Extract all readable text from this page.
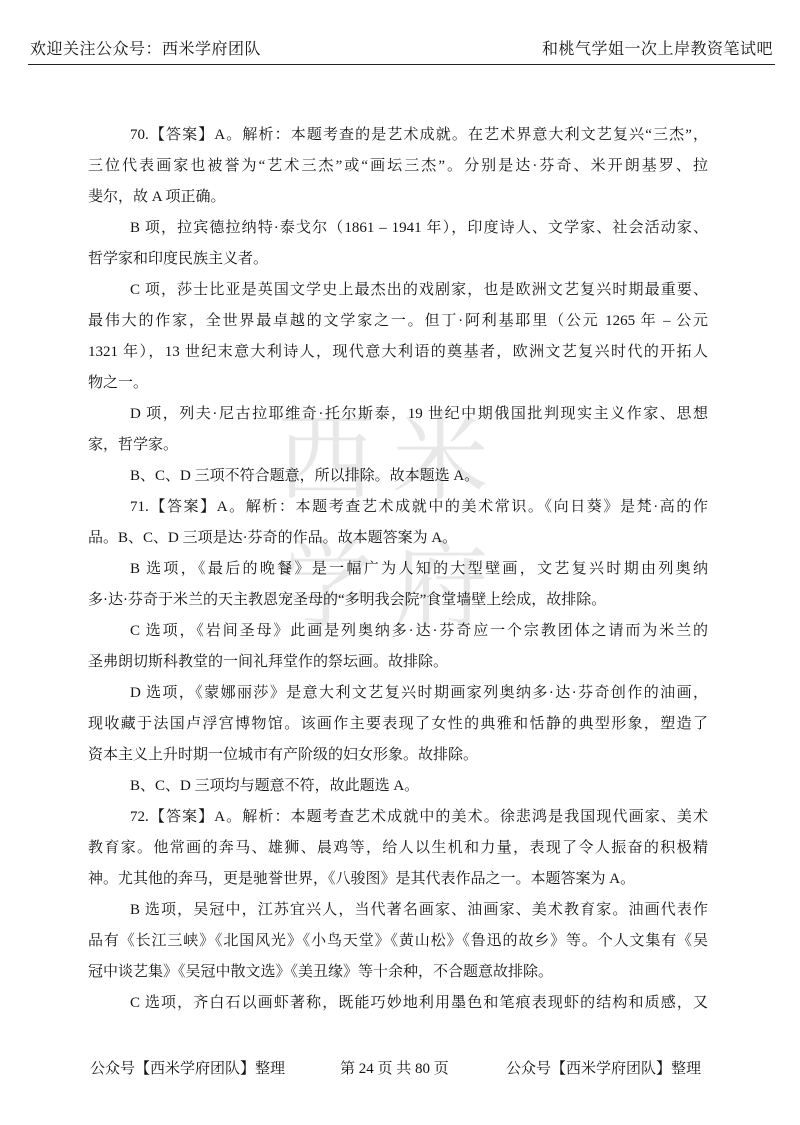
欢迎关注公众号：西米学府团队	和桃气学姐一次上岸教资笔试吧
西 米
学 府
70.【答案】A。解析：本题考查的是艺术成就。在艺术界意大利文艺复兴“三杰”，
三位代表画家也被誉为“艺术三杰”或“画坛三杰”。分别是达·芬奇、米开朗基罗、拉
斐尔，故 A 项正确。
B 项，拉宾德拉纳特·泰戈尔（1861 – 1941 年），印度诗人、文学家、社会活动家、
哲学家和印度民族主义者。
C 项，莎士比亚是英国文学史上最杰出的戏剧家，也是欧洲文艺复兴时期最重要、
最伟大的作家，全世界最卓越的文学家之一。但丁·阿利基耶里（公元 1265 年 – 公元
1321 年），13 世纪末意大利诗人，现代意大利语的奠基者，欧洲文艺复兴时代的开拓人
物之一。
D 项，列夫·尼古拉耶维奇·托尔斯泰，19 世纪中期俄国批判现实主义作家、思想
家，哲学家。
B、C、D 三项不符合题意，所以排除。故本题选 A。
71.【答案】A。解析：本题考查艺术成就中的美术常识。《向日葵》是梵·高的作
品。B、C、D 三项是达·芬奇的作品。故本题答案为 A。
B 选项，《最后的晚餐》是一幅广为人知的大型壁画，文艺复兴时期由列奥纳
多·达·芬奇于米兰的天主教恩宠圣母的“多明我会院”食堂墙壁上绘成，故排除。
C 选项，《岩间圣母》此画是列奥纳多·达·芬奇应一个宗教团体之请而为米兰的
圣弗朗切斯科教堂的一间礼拜堂作的祭坛画。故排除。
D 选项，《蒙娜丽莎》是意大利文艺复兴时期画家列奥纳多·达·芬奇创作的油画，
现收藏于法国卢浮宫博物馆。该画作主要表现了女性的典雅和恬静的典型形象，塑造了
资本主义上升时期一位城市有产阶级的妇女形象。故排除。
B、C、D 三项均与题意不符，故此题选 A。
72.【答案】A。解析：本题考查艺术成就中的美术。徐悲鸿是我国现代画家、美术
教育家。他常画的奔马、雄狮、晨鸡等，给人以生机和力量，表现了令人振奋的积极精
神。尤其他的奔马，更是驰誉世界，《八骏图》是其代表作品之一。本题答案为 A。
B 选项，吴冠中，江苏宜兴人，当代著名画家、油画家、美术教育家。油画代表作
品有《长江三峡》《北国风光》《小鸟天堂》《黄山松》《鲁迅的故乡》等。个人文集有《吴
冠中谈艺集》《吴冠中散文选》《美丑缘》等十余种，不合题意故排除。
C 选项，齐白石以画虾著称，既能巧妙地利用墨色和笔痕表现虾的结构和质感，又
公众号【西米学府团队】整理	第 24 页 共 80 页	公众号【西米学府团队】整理
